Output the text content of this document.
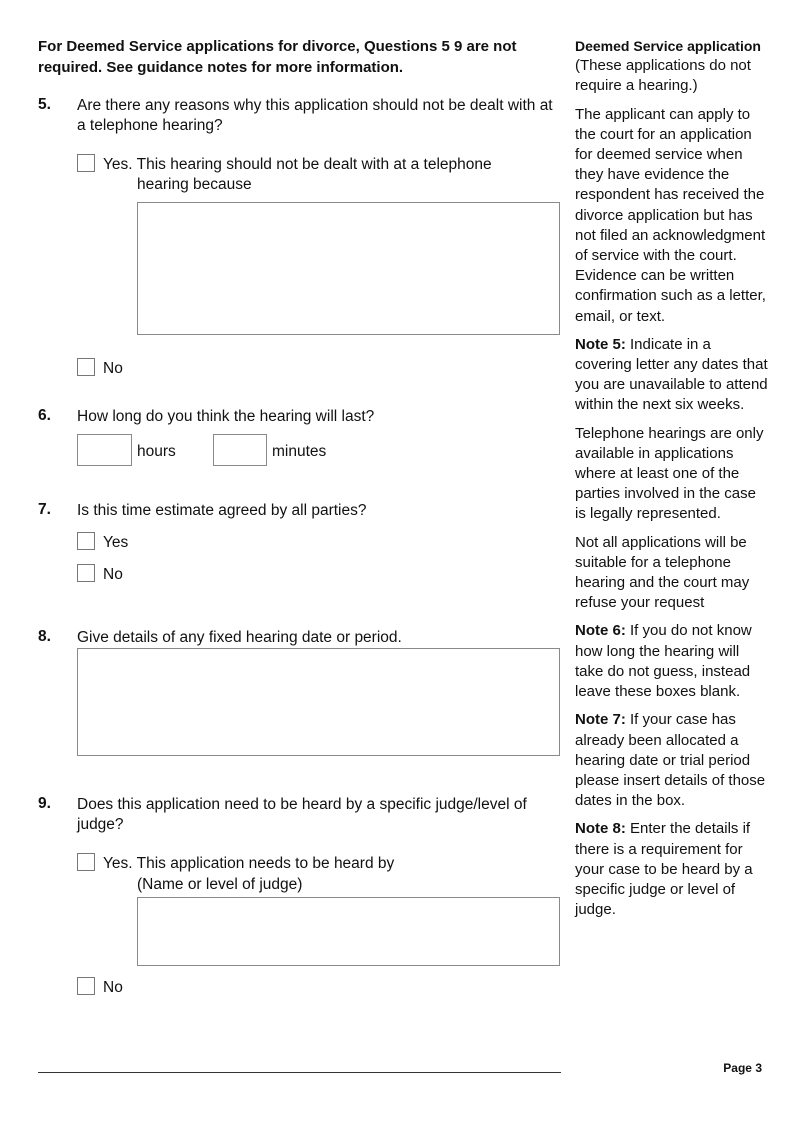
For Deemed Service applications for divorce, Questions 5 9 are not required. See guidance notes for more information.
5. Are there any reasons why this application should not be dealt with at a telephone hearing?
Yes. This hearing should not be dealt with at a telephone
hearing because
No
6. How long do you think the hearing will last?
hours	minutes
7. Is this time estimate agreed by all parties?
Yes
No
8. Give details of any fixed hearing date or period.
9. Does this application need to be heard by a specific judge/level of judge?
Yes. This application needs to be heard by
(Name or level of judge)
No

Deemed Service application
(These applications do not require a hearing.)

The applicant can apply to the court for an application for deemed service when they have evidence the respondent has received the divorce application but has not filed an acknowledgment of service with the court. Evidence can be written confirmation such as a letter, email, or text.

Note 5: Indicate in a covering letter any dates that you are unavailable to attend within the next six weeks.

Telephone hearings are only available in applications where at least one of the parties involved in the case is legally represented.

Not all applications will be suitable for a telephone hearing and the court may refuse your request

Note 6: If you do not know how long the hearing will take do not guess, instead leave these boxes blank.

Note 7: If your case has already been allocated a hearing date or trial period please insert details of those dates in the box.

Note 8: Enter the details if there is a requirement for your case to be heard by a specific judge or level of judge.

Page 3
